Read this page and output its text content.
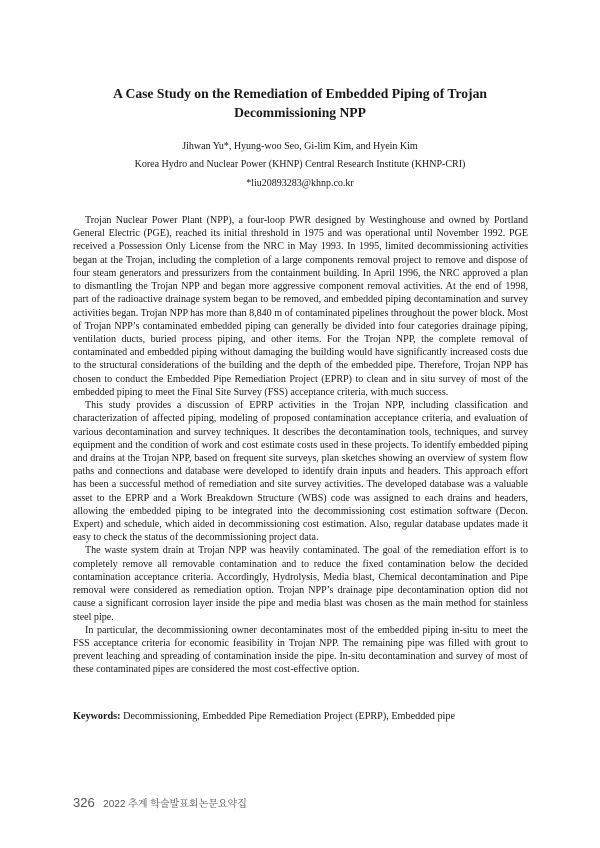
A Case Study on the Remediation of Embedded Piping of Trojan Decommissioning NPP
Jihwan Yu*, Hyung-woo Seo, Gi-lim Kim, and Hyein Kim
Korea Hydro and Nuclear Power (KHNP) Central Research Institute (KHNP-CRI)
*liu20893283@khnp.co.kr

Trojan Nuclear Power Plant (NPP), a four-loop PWR designed by Westinghouse and owned by Portland General Electric (PGE), reached its initial threshold in 1975 and was operational until November 1992. PGE received a Possession Only License from the NRC in May 1993. In 1995, limited decommissioning activities began at the Trojan, including the completion of a large components removal project to remove and dispose of four steam generators and pressurizers from the containment building. In April 1996, the NRC approved a plan to dismantling the Trojan NPP and began more aggressive component removal activities. At the end of 1998, part of the radioactive drainage system began to be removed, and embedded piping decontamination and survey activities began. Trojan NPP has more than 8,840 m of contaminated pipelines throughout the power block. Most of Trojan NPP’s contaminated embedded piping can generally be divided into four categories drainage piping, ventilation ducts, buried process piping, and other items. For the Trojan NPP, the complete removal of contaminated and embedded piping without damaging the building would have significantly increased costs due to the structural considerations of the building and the depth of the embedded pipe. Therefore, Trojan NPP has chosen to conduct the Embedded Pipe Remediation Project (EPRP) to clean and in situ survey of most of the embedded piping to meet the Final Site Survey (FSS) acceptance criteria, with much success.

This study provides a discussion of EPRP activities in the Trojan NPP, including classification and characterization of affected piping, modeling of proposed contamination acceptance criteria, and evaluation of various decontamination and survey techniques. It describes the decontamination tools, techniques, and survey equipment and the condition of work and cost estimate costs used in these projects. To identify embedded piping and drains at the Trojan NPP, based on frequent site surveys, plan sketches showing an overview of system flow paths and connections and database were developed to identify drain inputs and headers. This approach effort has been a successful method of remediation and site survey activities. The developed database was a valuable asset to the EPRP and a Work Breakdown Structure (WBS) code was assigned to each drains and headers, allowing the embedded piping to be integrated into the decommissioning cost estimation software (Decon. Expert) and schedule, which aided in decommissioning cost estimation. Also, regular database updates made it easy to check the status of the decommissioning project data.

The waste system drain at Trojan NPP was heavily contaminated. The goal of the remediation effort is to completely remove all removable contamination and to reduce the fixed contamination below the decided contamination acceptance criteria. Accordingly, Hydrolysis, Media blast, Chemical decontamination and Pipe removal were considered as remediation option. Trojan NPP’s drainage pipe decontamination option did not cause a significant corrosion layer inside the pipe and media blast was chosen as the main method for stainless steel pipe.

In particular, the decommissioning owner decontaminates most of the embedded piping in-situ to meet the FSS acceptance criteria for economic feasibility in Trojan NPP. The remaining pipe was filled with grout to prevent leaching and spreading of contamination inside the pipe. In-situ decontamination and survey of most of these contaminated pipes are considered the most cost-effective option.

Keywords: Decommissioning, Embedded Pipe Remediation Project (EPRP), Embedded pipe
326 2022 추계 학술발표회논문요약집
